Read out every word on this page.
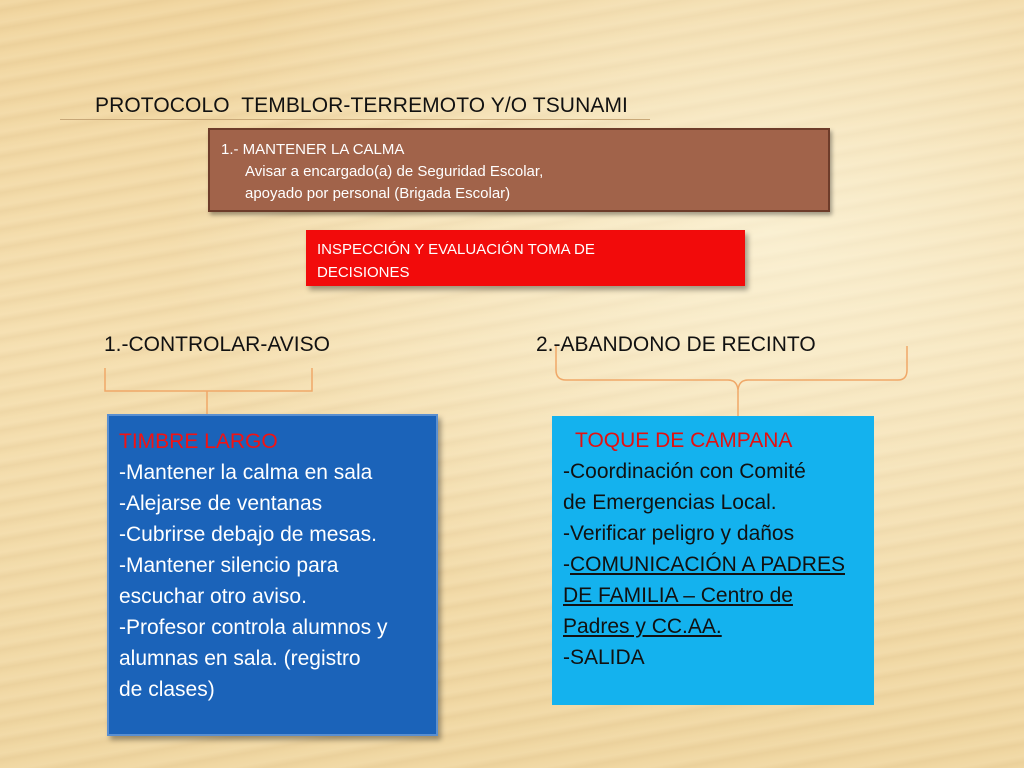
PROTOCOLO  TEMBLOR-TERREMOTO Y/O TSUNAMI
1.- MANTENER LA CALMA
Avisar a encargado(a) de Seguridad Escolar,
apoyado por personal (Brigada Escolar)
INSPECCIÓN Y EVALUACIÓN TOMA DE
DECISIONES
1.-CONTROLAR-AVISO	2.-ABANDONO DE RECINTO
TIMBRE LARGO
-Mantener la calma en sala
-Alejarse de ventanas
-Cubrirse debajo de mesas.
-Mantener silencio para
escuchar otro aviso.
-Profesor controla alumnos y
alumnas en sala. (registro
de clases)
TOQUE DE CAMPANA
-Coordinación con Comité
de Emergencias Local.
-Verificar peligro y daños
-COMUNICACIÓN A PADRES
DE FAMILIA – Centro de
Padres y CC.AA.
-SALIDA
